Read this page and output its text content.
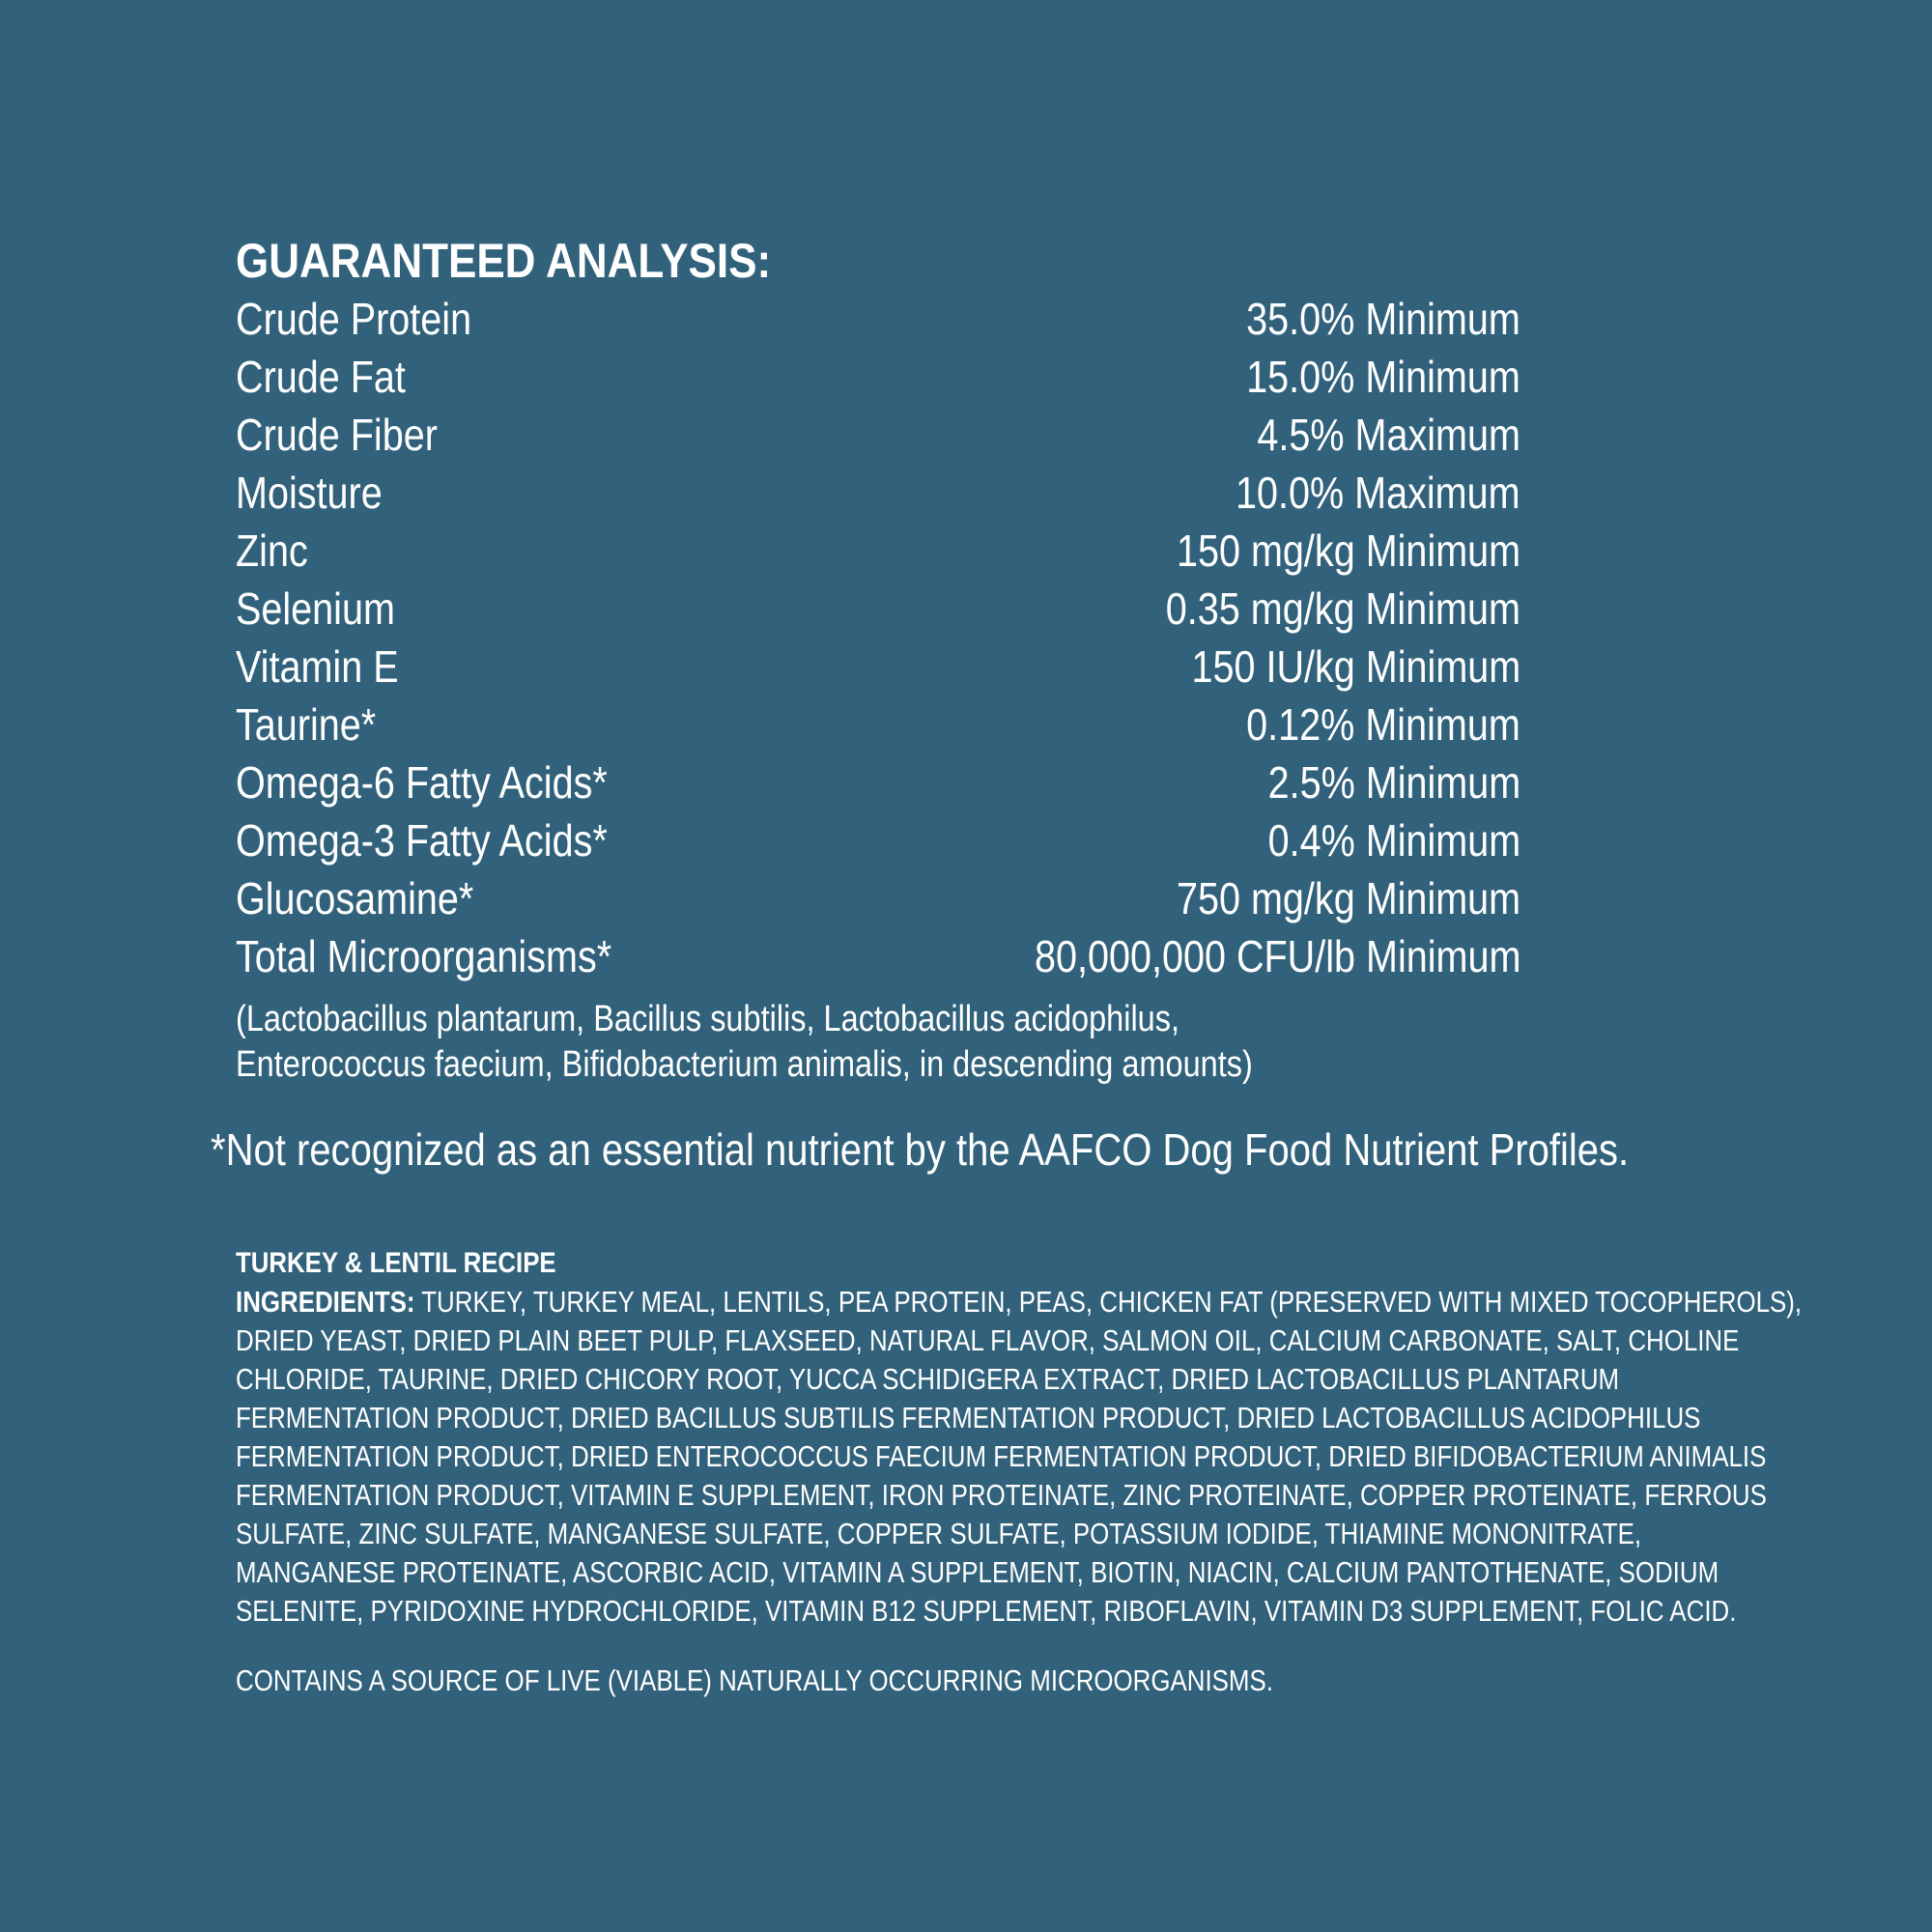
GUARANTEED ANALYSIS:
Crude Protein	35.0% Minimum
Crude Fat	15.0% Minimum
Crude Fiber	4.5% Maximum
Moisture	10.0% Maximum
Zinc	150 mg/kg Minimum
Selenium	0.35 mg/kg Minimum
Vitamin E	150 IU/kg Minimum
Taurine*	0.12% Minimum
Omega-6 Fatty Acids*	2.5% Minimum
Omega-3 Fatty Acids*	0.4% Minimum
Glucosamine*	750 mg/kg Minimum
Total Microorganisms*	80,000,000 CFU/lb Minimum
(Lactobacillus plantarum, Bacillus subtilis, Lactobacillus acidophilus,
Enterococcus faecium, Bifidobacterium animalis, in descending amounts)
*Not recognized as an essential nutrient by the AAFCO Dog Food Nutrient Profiles.
TURKEY & LENTIL RECIPE
INGREDIENTS: TURKEY, TURKEY MEAL, LENTILS, PEA PROTEIN, PEAS, CHICKEN FAT (PRESERVED WITH MIXED TOCOPHEROLS),
DRIED YEAST, DRIED PLAIN BEET PULP, FLAXSEED, NATURAL FLAVOR, SALMON OIL, CALCIUM CARBONATE, SALT, CHOLINE
CHLORIDE, TAURINE, DRIED CHICORY ROOT, YUCCA SCHIDIGERA EXTRACT, DRIED LACTOBACILLUS PLANTARUM
FERMENTATION PRODUCT, DRIED BACILLUS SUBTILIS FERMENTATION PRODUCT, DRIED LACTOBACILLUS ACIDOPHILUS
FERMENTATION PRODUCT, DRIED ENTEROCOCCUS FAECIUM FERMENTATION PRODUCT, DRIED BIFIDOBACTERIUM ANIMALIS
FERMENTATION PRODUCT, VITAMIN E SUPPLEMENT, IRON PROTEINATE, ZINC PROTEINATE, COPPER PROTEINATE, FERROUS
SULFATE, ZINC SULFATE, MANGANESE SULFATE, COPPER SULFATE, POTASSIUM IODIDE, THIAMINE MONONITRATE,
MANGANESE PROTEINATE, ASCORBIC ACID, VITAMIN A SUPPLEMENT, BIOTIN, NIACIN, CALCIUM PANTOTHENATE, SODIUM
SELENITE, PYRIDOXINE HYDROCHLORIDE, VITAMIN B12 SUPPLEMENT, RIBOFLAVIN, VITAMIN D3 SUPPLEMENT, FOLIC ACID.
CONTAINS A SOURCE OF LIVE (VIABLE) NATURALLY OCCURRING MICROORGANISMS.
